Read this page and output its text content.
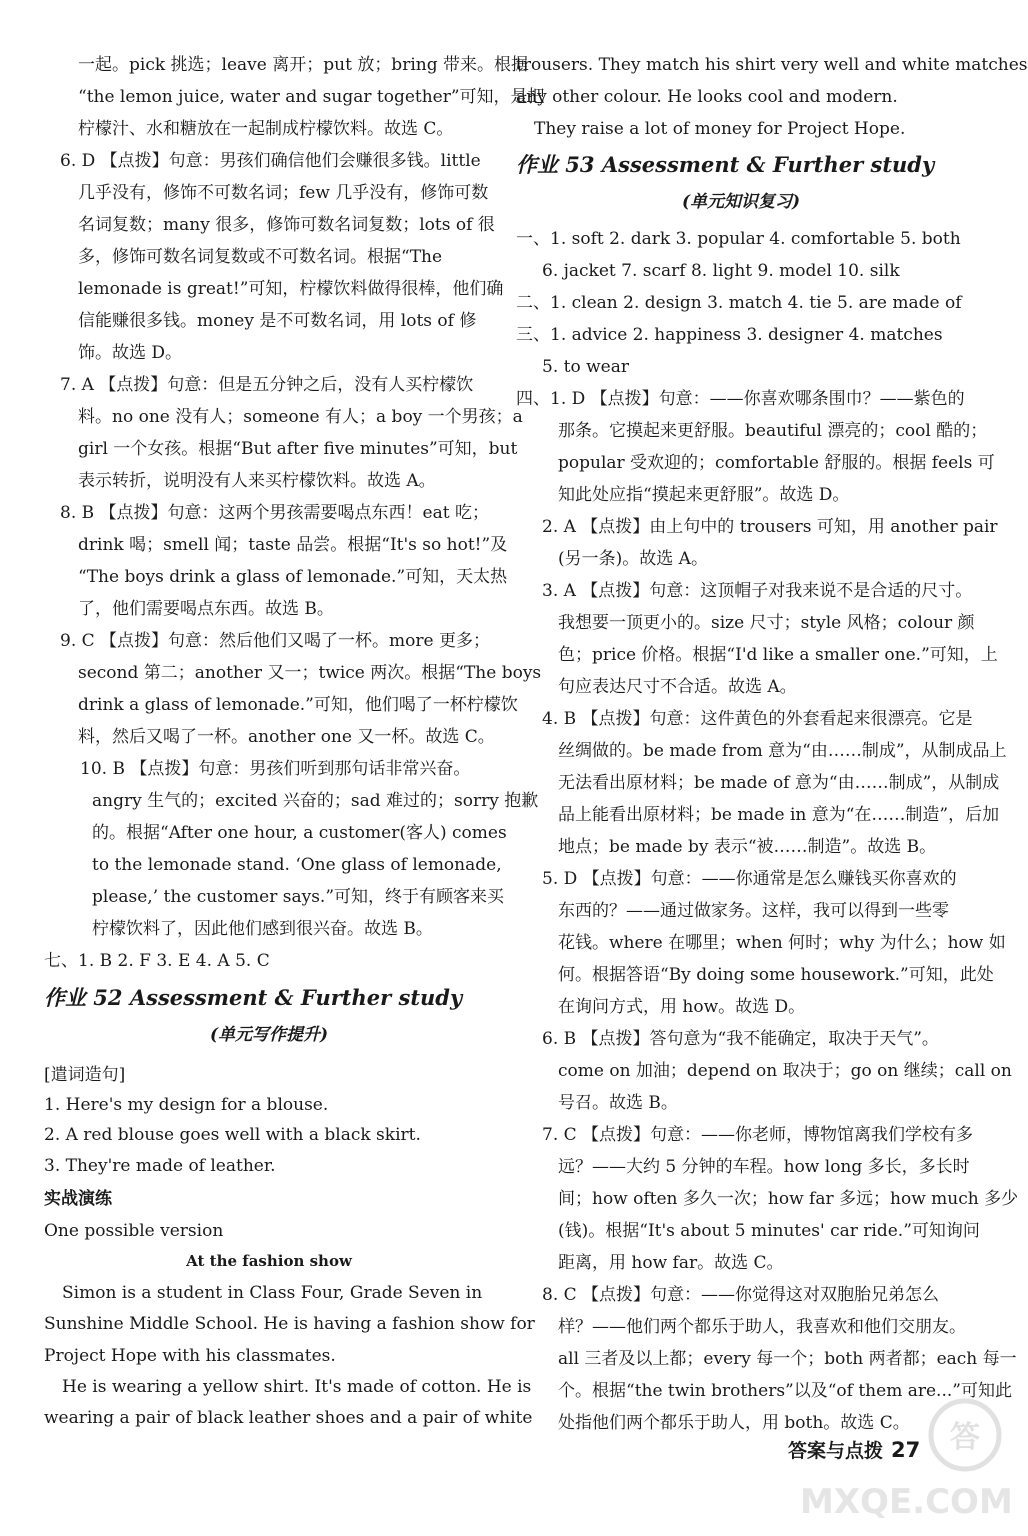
一起。pick 挑选；leave 离开；put 放；bring 带来。根据
“the lemon juice, water and sugar together”可知，是把
柠檬汁、水和糖放在一起制成柠檬饮料。故选 C。
6. D 【点拨】句意：男孩们确信他们会赚很多钱。little
几乎没有，修饰不可数名词；few 几乎没有，修饰可数
名词复数；many 很多，修饰可数名词复数；lots of 很
多，修饰可数名词复数或不可数名词。根据“The
lemonade is great!”可知，柠檬饮料做得很棒，他们确
信能赚很多钱。money 是不可数名词，用 lots of 修
饰。故选 D。
7. A 【点拨】句意：但是五分钟之后，没有人买柠檬饮
料。no one 没有人；someone 有人；a boy 一个男孩；a
girl 一个女孩。根据“But after five minutes”可知，but
表示转折，说明没有人来买柠檬饮料。故选 A。
8. B 【点拨】句意：这两个男孩需要喝点东西！eat 吃；
drink 喝；smell 闻；taste 品尝。根据“It's so hot!”及
“The boys drink a glass of lemonade.”可知，天太热
了，他们需要喝点东西。故选 B。
9. C 【点拨】句意：然后他们又喝了一杯。more 更多；
second 第二；another 又一；twice 两次。根据“The boys
drink a glass of lemonade.”可知，他们喝了一杯柠檬饮
料，然后又喝了一杯。another one 又一杯。故选 C。
10. B 【点拨】句意：男孩们听到那句话非常兴奋。
angry 生气的；excited 兴奋的；sad 难过的；sorry 抱歉
的。根据“After one hour, a customer(客人) comes
to the lemonade stand. ‘One glass of lemonade,
please,’ the customer says.”可知，终于有顾客来买
柠檬饮料了，因此他们感到很兴奋。故选 B。
七、1. B 2. F 3. E 4. A 5. C
作业 52 Assessment & Further study
(单元写作提升)
[遣词造句]
1. Here's my design for a blouse.
2. A red blouse goes well with a black skirt.
3. They're made of leather.
实战演练
One possible version
At the fashion show
Simon is a student in Class Four, Grade Seven in
Sunshine Middle School. He is having a fashion show for
Project Hope with his classmates.
He is wearing a yellow shirt. It's made of cotton. He is
wearing a pair of black leather shoes and a pair of white
trousers. They match his shirt very well and white matches
any other colour. He looks cool and modern.
They raise a lot of money for Project Hope.
作业 53 Assessment & Further study
(单元知识复习)
一、1. soft 2. dark 3. popular 4. comfortable 5. both
6. jacket 7. scarf 8. light 9. model 10. silk
二、1. clean 2. design 3. match 4. tie 5. are made of
三、1. advice 2. happiness 3. designer 4. matches
5. to wear
四、1. D 【点拨】句意：——你喜欢哪条围巾？——紫色的
那条。它摸起来更舒服。beautiful 漂亮的；cool 酷的；
popular 受欢迎的；comfortable 舒服的。根据 feels 可
知此处应指“摸起来更舒服”。故选 D。
2. A 【点拨】由上句中的 trousers 可知，用 another pair
(另一条)。故选 A。
3. A 【点拨】句意：这顶帽子对我来说不是合适的尺寸。
我想要一顶更小的。size 尺寸；style 风格；colour 颜
色；price 价格。根据“I'd like a smaller one.”可知，上
句应表达尺寸不合适。故选 A。
4. B 【点拨】句意：这件黄色的外套看起来很漂亮。它是
丝绸做的。be made from 意为“由……制成”，从制成品上
无法看出原材料；be made of 意为“由……制成”，从制成
品上能看出原材料；be made in 意为“在……制造”，后加
地点；be made by 表示“被……制造”。故选 B。
5. D 【点拨】句意：——你通常是怎么赚钱买你喜欢的
东西的？——通过做家务。这样，我可以得到一些零
花钱。where 在哪里；when 何时；why 为什么；how 如
何。根据答语“By doing some housework.”可知，此处
在询问方式，用 how。故选 D。
6. B 【点拨】答句意为“我不能确定，取决于天气”。
come on 加油；depend on 取决于；go on 继续；call on
号召。故选 B。
7. C 【点拨】句意：——你老师，博物馆离我们学校有多
远？——大约 5 分钟的车程。how long 多长，多长时
间；how often 多久一次；how far 多远；how much 多少
(钱)。根据“It's about 5 minutes' car ride.”可知询问
距离，用 how far。故选 C。
8. C 【点拨】句意：——你觉得这对双胞胎兄弟怎么
样？——他们两个都乐于助人，我喜欢和他们交朋友。
all 三者及以上都；every 每一个；both 两者都；each 每一
个。根据“the twin brothers”以及“of them are...”可知此
处指他们两个都乐于助人，用 both。故选 C。	答
MXQE.COM
答案与点拨 27
